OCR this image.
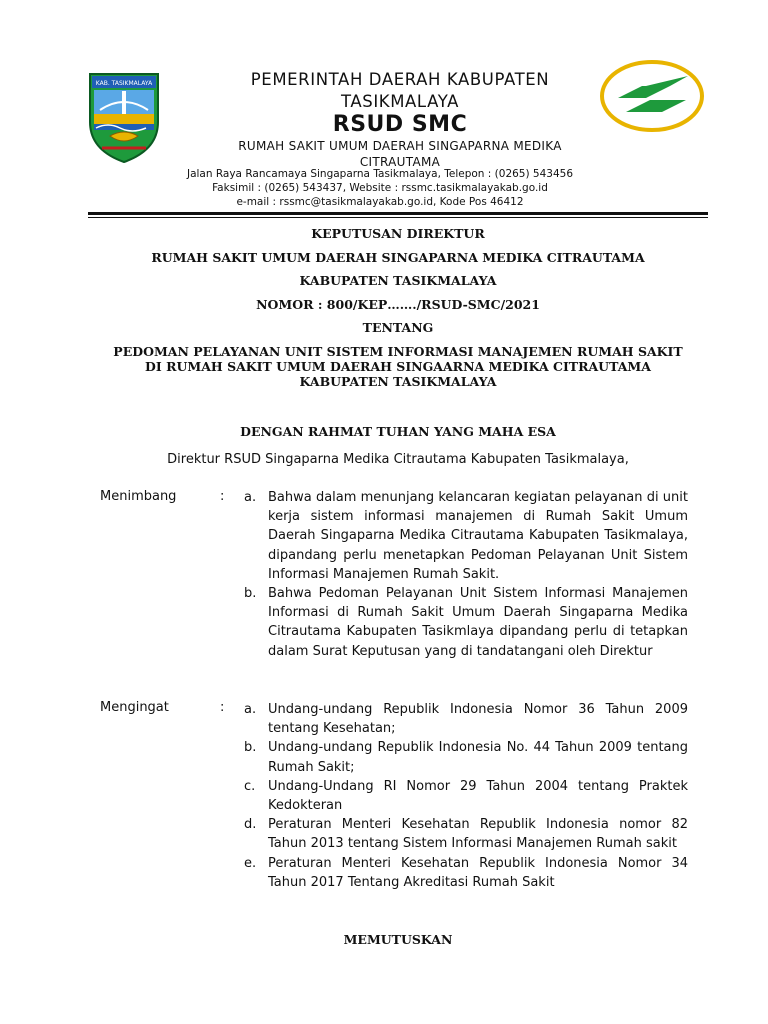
KAB. TASIKMALAYA	PEMERINTAH DAERAH KABUPATEN
TASIKMALAYA
RSUD SMC
RUMAH SAKIT UMUM DAERAH SINGAPARNA MEDIKA
CITRAUTAMA
Jalan Raya Rancamaya Singaparna Tasikmalaya, Telepon : (0265) 543456
Faksimil : (0265) 543437, Website : rssmc.tasikmalayakab.go.id
e-mail : rssmc@tasikmalayakab.go.id, Kode Pos 46412
KEPUTUSAN DIREKTUR
RUMAH SAKIT UMUM DAERAH SINGAPARNA MEDIKA CITRAUTAMA
KABUPATEN TASIKMALAYA
NOMOR : 800/KEP……./RSUD-SMC/2021
TENTANG
PEDOMAN PELAYANAN UNIT SISTEM INFORMASI MANAJEMEN RUMAH SAKIT
DI RUMAH SAKIT UMUM DAERAH SINGAARNA MEDIKA CITRAUTAMA
KABUPATEN TASIKMALAYA
DENGAN RAHMAT TUHAN YANG MAHA ESA
Direktur RSUD Singaparna Medika Citrautama Kabupaten Tasikmalaya,
Menimbang	: a. Bahwa dalam menunjang kelancaran kegiatan pelayanan di unit kerja sistem informasi manajemen di Rumah Sakit Umum Daerah Singaparna Medika Citrautama Kabupaten Tasikmalaya, dipandang perlu menetapkan Pedoman Pelayanan Unit Sistem Informasi Manajemen Rumah Sakit.
b. Bahwa Pedoman Pelayanan Unit Sistem Informasi Manajemen Informasi di Rumah Sakit Umum Daerah Singaparna Medika Citrautama Kabupaten Tasikmlaya dipandang perlu di tetapkan dalam Surat Keputusan yang di tandatangani oleh Direktur
Mengingat	: a. Undang-undang Republik Indonesia Nomor 36 Tahun 2009 tentang Kesehatan;
b. Undang-undang Republik Indonesia No. 44 Tahun 2009 tentang Rumah Sakit;
c. Undang-Undang RI Nomor 29 Tahun 2004 tentang Praktek Kedokteran
d. Peraturan Menteri Kesehatan Republik Indonesia nomor 82 Tahun 2013 tentang Sistem Informasi Manajemen Rumah sakit
e. Peraturan Menteri Kesehatan Republik Indonesia Nomor 34 Tahun 2017 Tentang Akreditasi Rumah Sakit
MEMUTUSKAN
